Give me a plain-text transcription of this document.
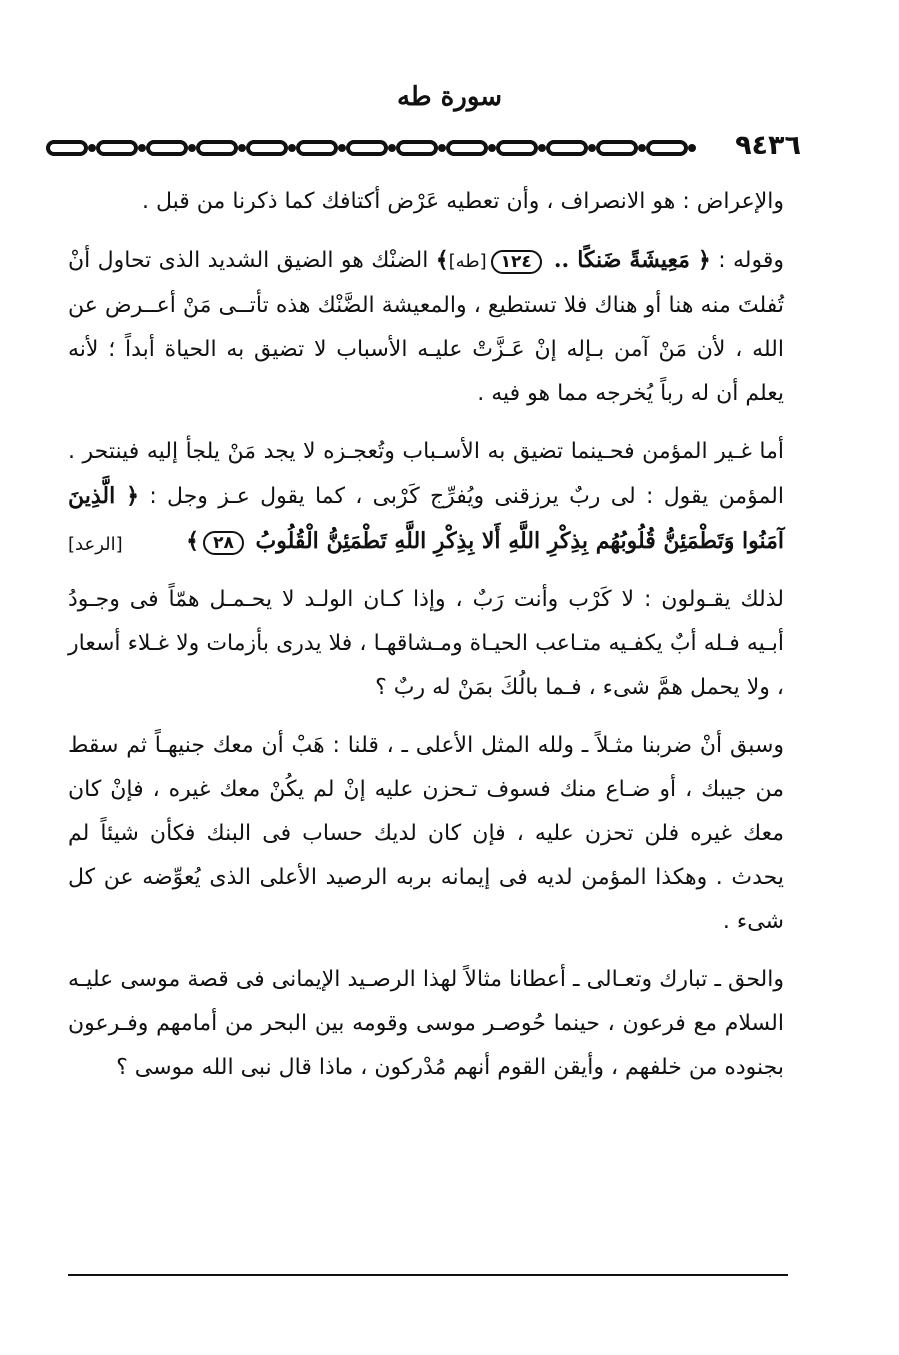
سورة طه
٩٤٣٦

والإعراض : هو الانصراف ، وأن تعطيه عَرْض أكتافك كما ذكرنا من قبل .

وقوله : ﴿ مَعِيشَةً ضَنكًا .. ١٢٤[طه]﴾ الضنْك هو الضيق الشديد الذى تحاول أنْ تُفلتَ منه هنا أو هناك فلا تستطيع ، والمعيشة الضَّنْك هذه تأتــى مَنْ أعــرض عن الله ، لأن مَنْ آمن بـإله إنْ عَـزَّتْ عليـه الأسباب لا تضيق به الحياة أبداً ؛ لأنه يعلم أن له رباً يُخرجه مما هو فيه .

أما غـير المؤمن فحـينما تضيق به الأسـباب وتُعجـزه لا يجد مَنْ يلجأ إليه فينتحر . المؤمن يقول : لى ربٌ يرزقنى ويُفرِّج كَرْبى ، كما يقول عـز وجل : ﴿ الَّذِينَ آمَنُوا وَتَطْمَئِنُّ قُلُوبُهُم بِذِكْرِ اللَّهِ أَلا بِذِكْرِ اللَّهِ تَطْمَئِنُّ الْقُلُوبُ ٢٨﴾
[الرعد]

لذلك يقـولون : لا كَرْب وأنت رَبٌ ، وإذا كـان الولـد لا يحـمـل همّاً فى وجـودُ أبـيه فـله أبٌ يكفـيه متـاعب الحيـاة ومـشاقهـا ، فلا يدرى بأزمات ولا غـلاء أسعار ، ولا يحمل همَّ شىء ، فـما بالُكَ بمَنْ له ربٌ ؟

وسبق أنْ ضربنا مثـلاً ـ ولله المثل الأعلى ـ ، قلنا : هَبْ أن معك جنيهـاً ثم سقط من جيبك ، أو ضـاع منك فسوف تـحزن عليه إنْ لم يكُنْ معك غيره ، فإنْ كان معك غيره فلن تحزن عليه ، فإن كان لديك حساب فى البنك فكأن شيئاً لم يحدث . وهكذا المؤمن لديه فى إيمانه بربه الرصيد الأعلى الذى يُعوِّضه عن كل شىء .

والحق ـ تبارك وتعـالى ـ أعطانا مثالاً لهذا الرصـيد الإيمانى فى قصة موسى عليـه السلام مع فرعون ، حينما حُوصـر موسى وقومه بين البحر من أمامهم وفـرعون بجنوده من خلفهم ، وأيقن القوم أنهم مُدْركون ، ماذا قال نبى الله موسى ؟
